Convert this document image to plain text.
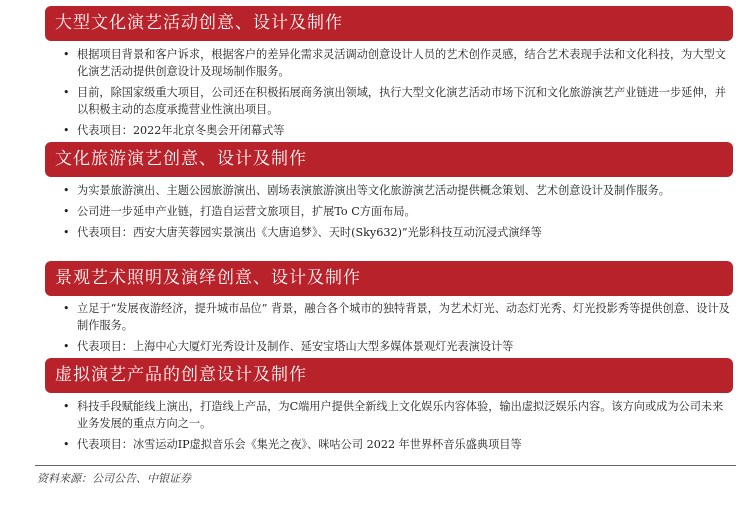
大型文化演艺活动创意、设计及制作
• 根据项目背景和客户诉求，根据客户的差异化需求灵活调动创意设计人员的艺术创作灵感，结合艺术表现手法和文化科技，为大型文化演艺活动提供创意设计及现场制作服务。
• 目前，除国家级重大项目，公司还在积极拓展商务演出领域，执行大型文化演艺活动市场下沉和文化旅游演艺产业链进一步延伸，并以积极主动的态度承揽营业性演出项目。
• 代表项目：2022年北京冬奥会开闭幕式等
文化旅游演艺创意、设计及制作
• 为实景旅游演出、主题公园旅游演出、剧场表演旅游演出等文化旅游演艺活动提供概念策划、艺术创意设计及制作服务。
• 公司进一步延申产业链，打造自运营文旅项目，扩展To C方面布局。
• 代表项目：西安大唐芙蓉园实景演出《大唐追梦》、天时(Sky632)”光影科技互动沉浸式演绎等
景观艺术照明及演绎创意、设计及制作
• 立足于“发展夜游经济，提升城市品位” 背景，融合各个城市的独特背景，为艺术灯光、动态灯光秀、灯光投影秀等提供创意、设计及制作服务。
• 代表项目：上海中心大厦灯光秀设计及制作、延安宝塔山大型多媒体景观灯光表演设计等
虚拟演艺产品的创意设计及制作
• 科技手段赋能线上演出，打造线上产品，为C端用户提供全新线上文化娱乐内容体验，输出虚拟泛娱乐内容。该方向或成为公司未来业务发展的重点方向之一。
• 代表项目：冰雪运动IP虚拟音乐会《集光之夜》、咪咕公司 2022 年世界杯音乐盛典项目等
资料来源：公司公告、中银证券
